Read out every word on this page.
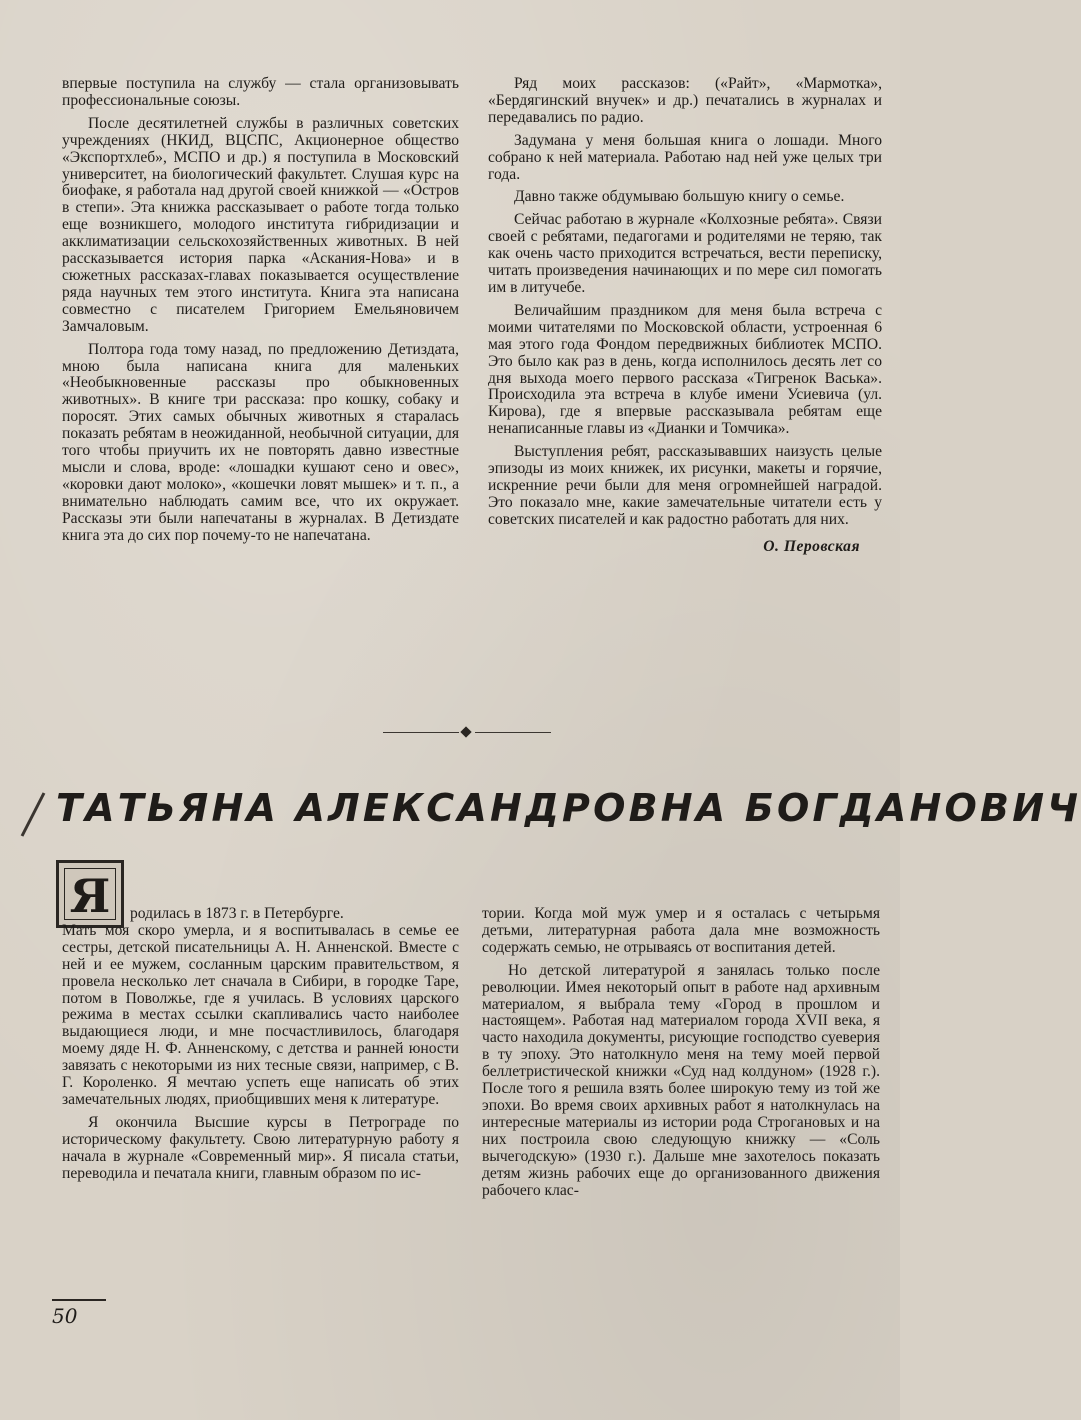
впервые поступила на службу — стала организовывать профессиональные союзы.

После десятилетней службы в различных советских учреждениях (НКИД, ВЦСПС, Акционерное общество «Экспортхлеб», МСПО и др.) я поступила в Московский университет, на биологический факультет. Слушая курс на биофаке, я работала над другой своей книжкой — «Остров в степи». Эта книжка рассказывает о работе тогда только еще возникшего, молодого института гибридизации и акклиматизации сельскохозяйственных животных. В ней рассказывается история парка «Аскания-Нова» и в сюжетных рассказах-главах показывается осуществление ряда научных тем этого института. Книга эта написана совместно с писателем Григорием Емельяновичем Замчаловым.

Полтора года тому назад, по предложению Детиздата, мною была написана книга для маленьких «Необыкновенные рассказы про обыкновенных животных». В книге три рассказа: про кошку, собаку и поросят. Этих самых обычных животных я старалась показать ребятам в неожиданной, необычной ситуации, для того чтобы приучить их не повторять давно известные мысли и слова, вроде: «лошадки кушают сено и овес», «коровки дают молоко», «кошечки ловят мышек» и т. п., а внимательно наблюдать самим все, что их окружает. Рассказы эти были напечатаны в журналах. В Детиздате книга эта до сих пор почему-то не напечатана.

Ряд моих рассказов: («Райт», «Мармотка», «Бердягинский внучек» и др.) печатались в журналах и передавались по радио.

Задумана у меня большая книга о лошади. Много собрано к ней материала. Работаю над ней уже целых три года.

Давно также обдумываю большую книгу о семье.

Сейчас работаю в журнале «Колхозные ребята». Связи своей с ребятами, педагогами и родителями не теряю, так как очень часто приходится встречаться, вести переписку, читать произведения начинающих и по мере сил помогать им в литучебе.

Величайшим праздником для меня была встреча с моими читателями по Московской области, устроенная 6 мая этого года Фондом передвижных библиотек МСПО. Это было как раз в день, когда исполнилось десять лет со дня выхода моего первого рассказа «Тигренок Васька». Происходила эта встреча в клубе имени Усиевича (ул. Кирова), где я впервые рассказывала ребятам еще ненаписанные главы из «Дианки и Томчика».

Выступления ребят, рассказывавших наизусть целые эпизоды из моих книжек, их рисунки, макеты и горячие, искренние речи были для меня огромнейшей наградой. Это показало мне, какие замечательные читатели есть у советских писателей и как радостно работать для них.

О. Перовская
ТАТЬЯНА АЛЕКСАНДРОВНА БОГДАНОВИЧ
Я	родилась в 1873 г. в Петербурге.

Мать моя скоро умерла, и я воспитывалась в семье ее сестры, детской писательницы А. Н. Анненской. Вместе с ней и ее мужем, сосланным царским правительством, я провела несколько лет сначала в Сибири, в городке Таре, потом в Поволжье, где я училась. В условиях царского режима в местах ссылки скапливались часто наиболее выдающиеся люди, и мне посчастливилось, благодаря моему дяде Н. Ф. Анненскому, с детства и ранней юности завязать с некоторыми из них тесные связи, например, с В. Г. Короленко. Я мечтаю успеть еще написать об этих замечательных людях, приобщивших меня к литературе.

Я окончила Высшие курсы в Петрограде по историческому факультету. Свою литературную работу я начала в журнале «Современный мир». Я писала статьи, переводила и печатала книги, главным образом по ис-

тории. Когда мой муж умер и я осталась с четырьмя детьми, литературная работа дала мне возможность содержать семью, не отрываясь от воспитания детей.

Но детской литературой я занялась только после революции. Имея некоторый опыт в работе над архивным материалом, я выбрала тему «Город в прошлом и настоящем». Работая над материалом города XVII века, я часто находила документы, рисующие господство суеверия в ту эпоху. Это натолкнуло меня на тему моей первой беллетристической книжки «Суд над колдуном» (1928 г.). После того я решила взять более широкую тему из той же эпохи. Во время своих архивных работ я натолкнулась на интересные материалы из истории рода Строгановых и на них построила свою следующую книжку — «Соль вычегодскую» (1930 г.). Дальше мне захотелось показать детям жизнь рабочих еще до организованного движения рабочего клас-

50
